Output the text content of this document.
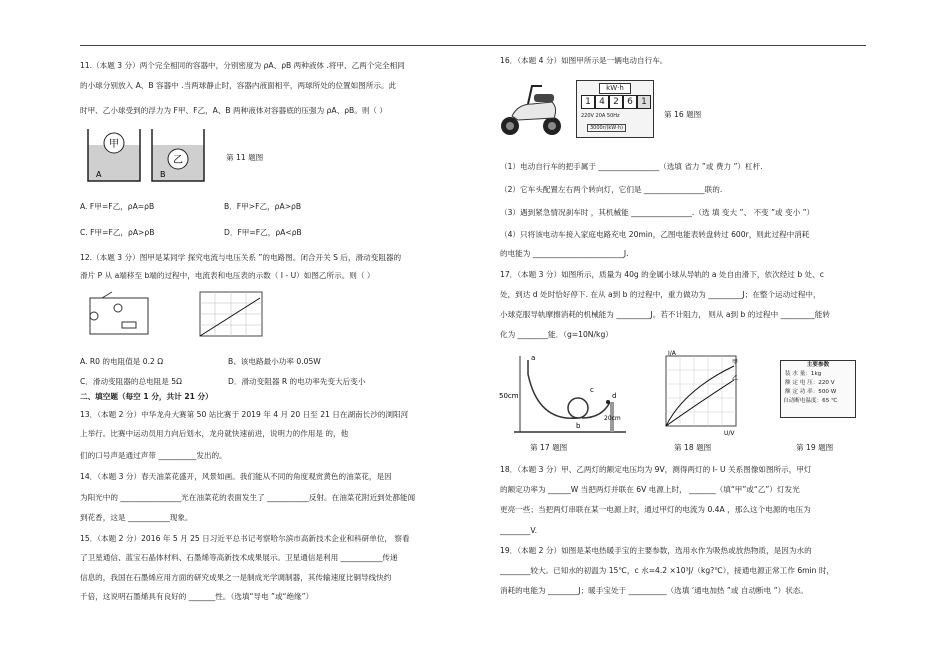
11.（本题 3 分）两个完全相同的容器中，分别密度为 ρA、ρB 两种液体 .将甲、乙两个完全相同
的小球分别放入 A、B 容器中 .当两球静止时，容器内液面相平，两球所处的位置如图所示。此
时甲、乙小球受到的浮力为 F甲、F乙，A、B 两种液体对容器底的压强为 ρA、ρB。则（ ）
甲
乙
A	B
第 11 题图
A. F甲=F乙，ρA=ρB	B．F甲>F乙，ρA>ρB
C. F甲=F乙，ρA>ρB	D．F甲=F乙，ρA<ρB
12.（本题 3 分）图甲是某同学 探究电流与电压关系 ”的电路图。闭合开关 S 后，滑动变阻器的
滑片 P 从 a端移至 b端的过程中，电流表和电压表的示数（ I - U）如图乙所示。则（ ）
A. R0 的电阻值是 0.2 Ω	B、该电路最小功率 0.05W
C．滑动变阻器的总电阻是 5Ω	D．滑动变阻器 R 的电功率先变大后变小
二、填空题（每空 1 分，共计 21 分）
13．（本题 2 分）中华龙舟大赛第 50 站比赛于 2019 年 4 月 20 日至 21 日在湖南长沙的浏阳河
上举行。比赛中运动员用力向后划水，龙舟就快速前进，说明力的作用是 的，他
们的口号声是通过声带 __________发出的。
14．（本题 3 分）春天油菜花盛开，风景如画。我们能从不同的角度观赏黄色的油菜花，是因
为阳光中的 ________________光在油菜花的表面发生了 ___________反射。在油菜花附近到处都能闻
到花香，这是 ___________现象。
15．（本题 2 分）2016 年 5 月 25 日习近平总书记考察哈尔滨市高新技术企业和科研单位， 察看
了卫星通信、蓝宝石晶体材料、石墨烯等高新技术成果展示。卫星通信是利用 ___________传递
信息的，我国在石墨烯应用方面的研究成果之一是制成光学调制器，其传输速度比铜导线快约
千倍，这说明石墨烯具有良好的 _______性。（选填“导电 ”或“绝缘”）
16．（本题 4 分）如图甲所示是一辆电动自行车。
kW·h
1 4 2 6 1
220V 20A 50Hz
3000r/(kW·h)
第 16 题图
（1）电动自行车的把手属于 ________________（选填 省力 ”或 费力 ”）杠杆.
（2）它车头配置左右两个转向灯，它们是 ________________联的.
（3）遇到紧急情况刹车时 ，其机械能 ________________.（选 填 变大 ”、 不变 ”或 变小 ”）
（4）只将该电动车接入家庭电路充电 20min，乙图电能表转盘转过 600r，则此过程中消耗
的电能为 ________________________J.
17．（本题 3 分）如图所示，质量为 40g 的金属小球从导轨的 a 处自由滑下，依次经过 b 处、c
处，到达 d 处时恰好停下. 在从 a到 b 的过程中，重力做功为 _________J；在整个运动过程中，
小球克服导轨摩擦消耗的机械能为 _________J。若不计阻力， 则从 a到 b 的过程中 _________能转
化为 ________能．（g=10N/kg）
50cm
20cm
a
b
c
d
I/A
U/V
甲
乙
主要参数
装 水 量：1kg
额 定 电 压：220 V
额 定 功 率：500 W
自动断电温度：65 ℃
第 17 题图	第 18 题图	第 19 题图
18．（本题 3 分）甲、乙两灯的额定电压均为 9V，测得两灯的 I- U 关系图像如图所示，甲灯
的额定功率为 ______W 当把两灯并联在 6V 电源上时， _______（填“甲”或“乙”）灯发光
更亮一些；当把两灯串联在某一电源上时，通过甲灯的电流为 0.4A ，那么这个电源的电压为
________V.
19．（本题 2 分）如图是某电热暖手宝的主要参数，选用水作为吸热或放热物质，是因为水的
________较大。已知水的初温为 15℃，c 水=4.2 ×10³J/（kg?℃），接通电源正常工作 6min 时，
消耗的电能为 ________J；暖手宝处于 __________（选填 ‘通电加热 ”或 自动断电 ”）状态。
